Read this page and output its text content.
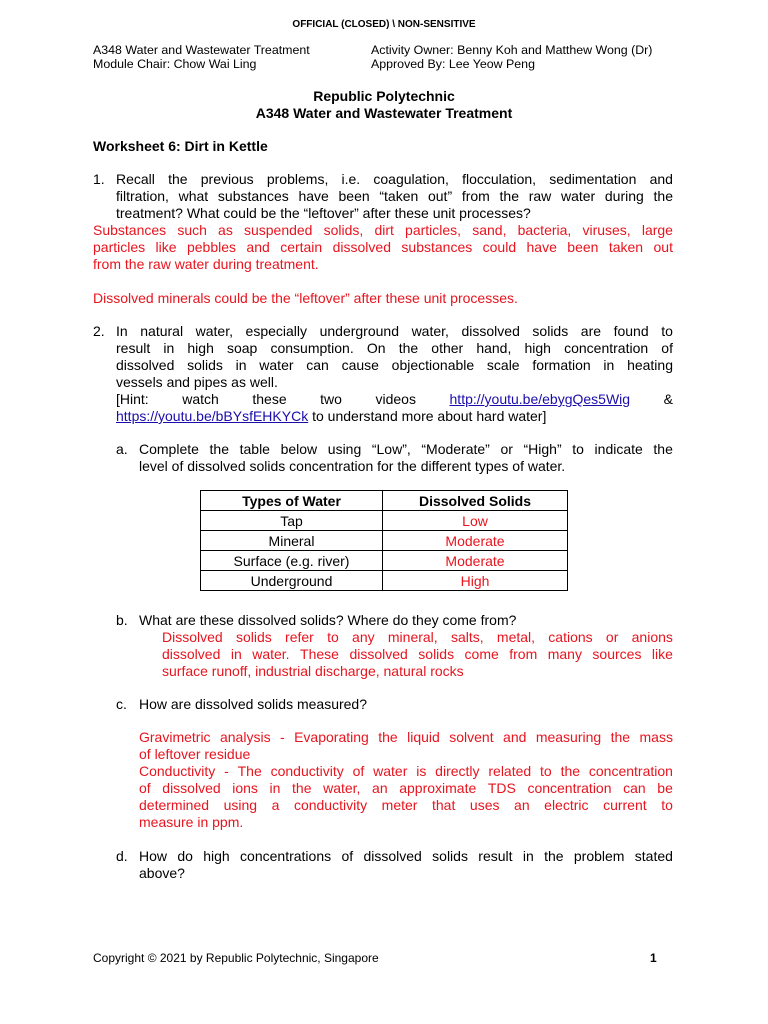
OFFICIAL (CLOSED) \ NON-SENSITIVE
A348 Water and Wastewater Treatment
Module Chair: Chow Wai Ling
Activity Owner: Benny Koh and Matthew Wong (Dr)
Approved By: Lee Yeow Peng
Republic Polytechnic
A348 Water and Wastewater Treatment
Worksheet 6: Dirt in Kettle
1. Recall the previous problems, i.e. coagulation, flocculation, sedimentation and
filtration, what substances have been “taken out” from the raw water during the
treatment? What could be the “leftover” after these unit processes?
Substances such as suspended solids, dirt particles, sand, bacteria, viruses, large
particles like pebbles and certain dissolved substances could have been taken out
from the raw water during treatment.
Dissolved minerals could be the “leftover” after these unit processes.
2. In natural water, especially underground water, dissolved solids are found to
result in high soap consumption. On the other hand, high concentration of
dissolved solids in water can cause objectionable scale formation in heating
vessels and pipes as well.
[Hint: watch these two videos http://youtu.be/ebygQes5Wig &
https://youtu.be/bBYsfEHKYCk to understand more about hard water]
a. Complete the table below using “Low”, “Moderate” or “High” to indicate the
level of dissolved solids concentration for the different types of water.
Types of Water	Dissolved Solids
Tap	Low
Mineral	Moderate
Surface (e.g. river)	Moderate
Underground	High
b. What are these dissolved solids? Where do they come from?
Dissolved solids refer to any mineral, salts, metal, cations or anions
dissolved in water. These dissolved solids come from many sources like
surface runoff, industrial discharge, natural rocks
c. How are dissolved solids measured?
Gravimetric analysis - Evaporating the liquid solvent and measuring the mass
of leftover residue
Conductivity - The conductivity of water is directly related to the concentration
of dissolved ions in the water, an approximate TDS concentration can be
determined using a conductivity meter that uses an electric current to
measure in ppm.
d. How do high concentrations of dissolved solids result in the problem stated
above?
Copyright © 2021 by Republic Polytechnic, Singapore	1
